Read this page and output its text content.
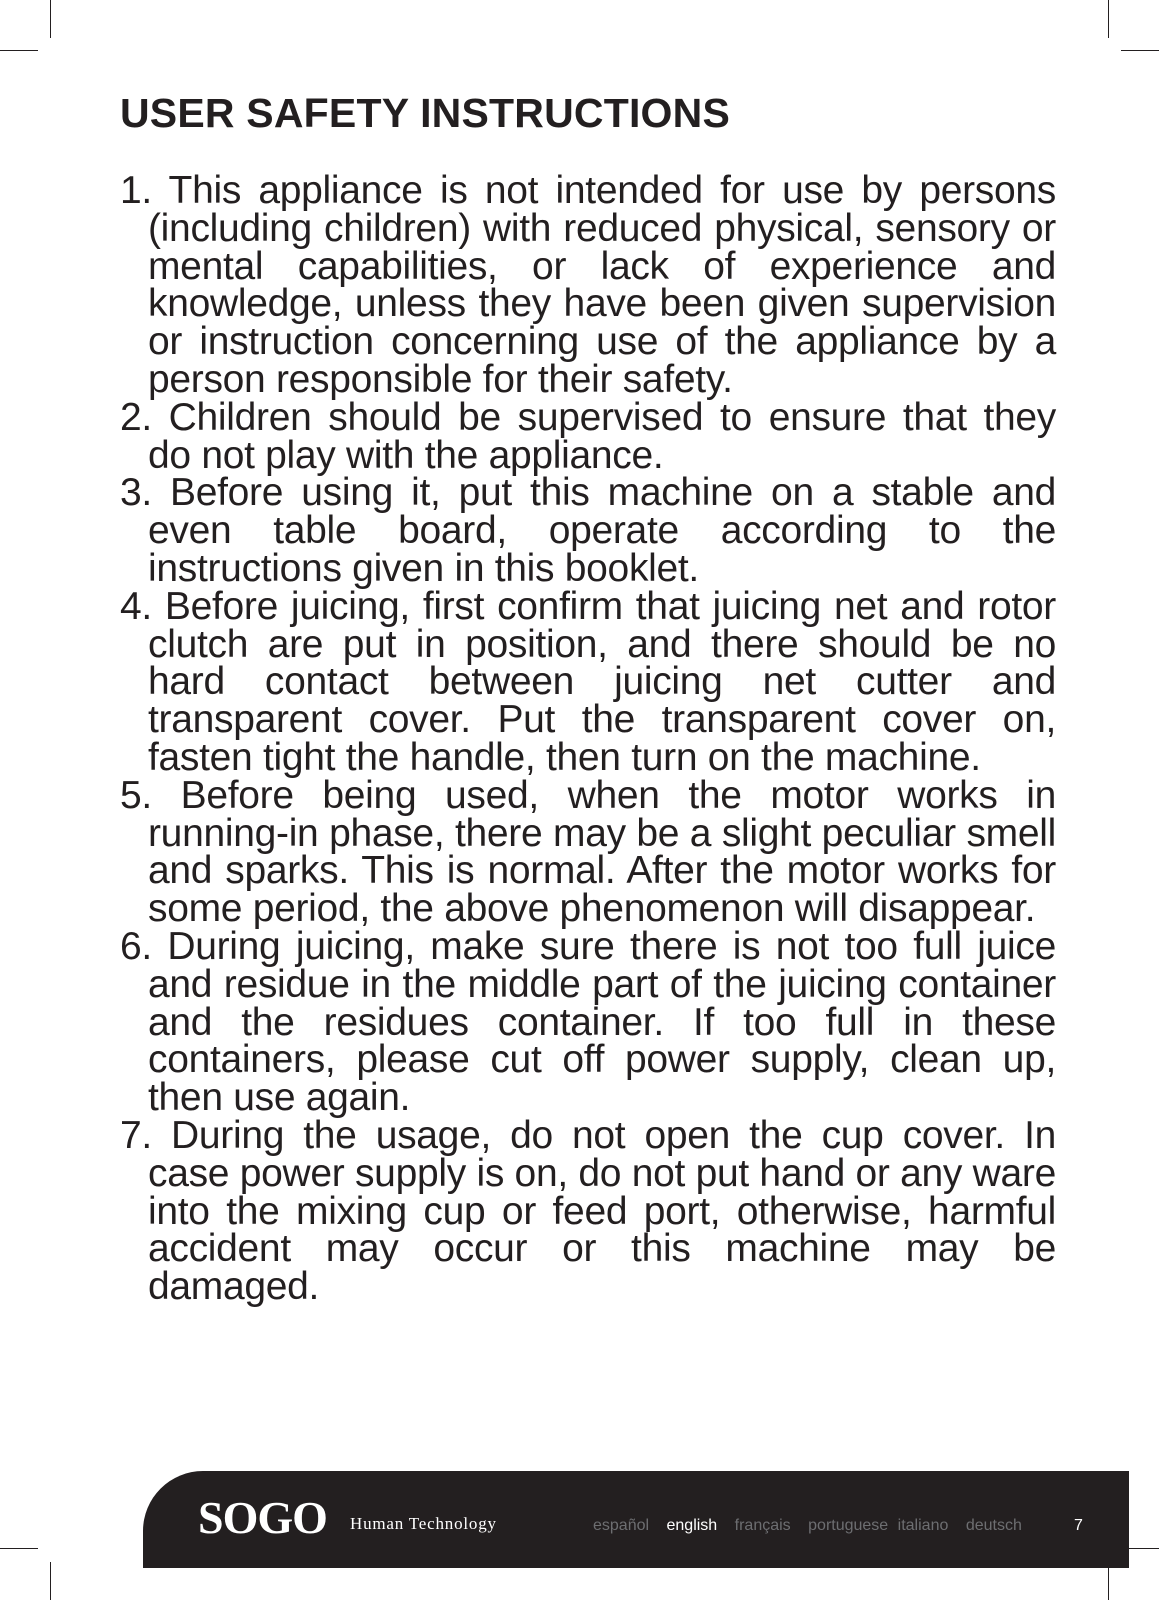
USER SAFETY INSTRUCTIONS
1. This appliance is not intended for use by persons (including children) with reduced physical, sensory or mental capabilities, or lack of experience and knowledge, unless they have been given supervision or instruction concerning use of the appliance by a person responsible for their safety.
2. Children should be supervised to ensure that they do not play with the appliance.
3. Before using it, put this machine on a stable and even table board, operate according to the instructions given in this booklet.
4. Before juicing, first confirm that juicing net and rotor clutch are put in position, and there should be no hard contact between juicing net cutter and transparent cover. Put the transparent cover on, fasten tight the handle, then turn on the machine.
5. Before being used, when the motor works in running-in phase, there may be a slight peculiar smell and sparks. This is normal. After the motor works for some period, the above phenomenon will disappear.
6. During juicing, make sure there is not too full juice and residue in the middle part of the juicing container and the residues container. If too full in these containers, please cut off power supply, clean up, then use again.
7. During the usage, do not open the cup cover. In case power supply is on, do not put hand or any ware into the mixing cup or feed port, otherwise, harmful accident may occur or this machine may be damaged.
SOGO Human Technology	español english français portuguese italiano deutsch	7
